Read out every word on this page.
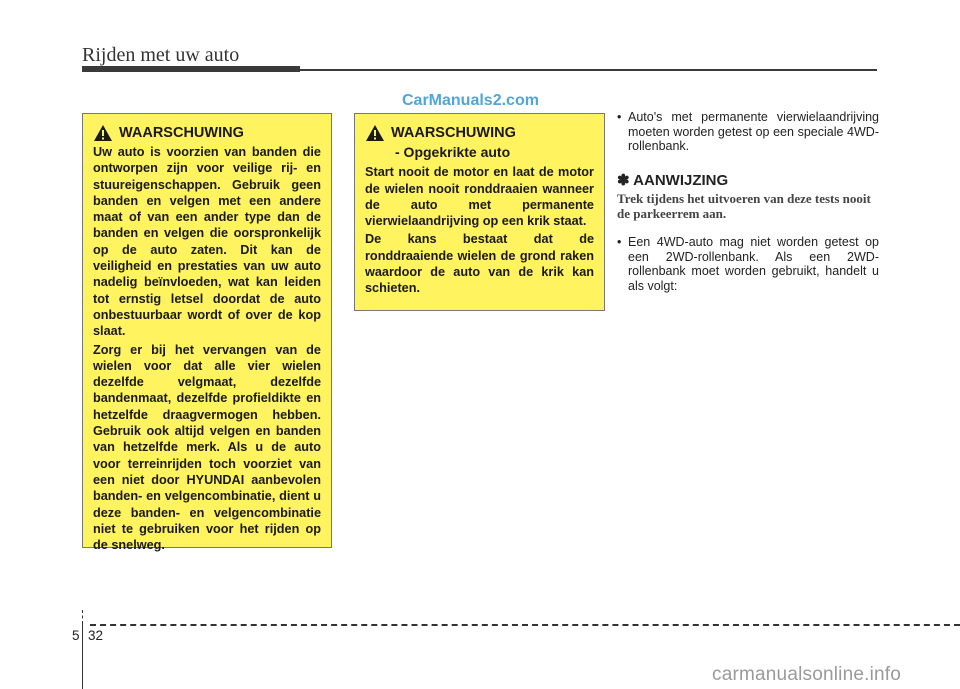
Rijden met uw auto
CarManuals2.com
WAARSCHUWING

Uw auto is voorzien van banden die ontworpen zijn voor veilige rij- en stuureigenschappen. Gebruik geen banden en velgen met een andere maat of van een ander type dan de banden en velgen die oorspronkelijk op de auto zaten. Dit kan de veiligheid en prestaties van uw auto nadelig beïnvloeden, wat kan leiden tot ernstig letsel doordat de auto onbestuurbaar wordt of over de kop slaat.

Zorg er bij het vervangen van de wielen voor dat alle vier wielen dezelfde velgmaat, dezelfde bandenmaat, dezelfde profieldikte en hetzelfde draagvermogen hebben. Gebruik ook altijd velgen en banden van hetzelfde merk. Als u de auto voor terreinrijden toch voorziet van een niet door HYUNDAI aanbevolen banden- en velgencombinatie, dient u deze banden- en velgencombinatie niet te gebruiken voor het rijden op de snelweg.

WAARSCHUWING
- Opgekrikte auto

Start nooit de motor en laat de motor de wielen nooit ronddraaien wanneer de auto met permanente vierwielaandrijving op een krik staat.

De kans bestaat dat de ronddraaiende wielen de grond raken waardoor de auto van de krik kan schieten.

• Auto's met permanente vierwielaandrijving moeten worden getest op een speciale 4WD-rollenbank.
✽ AANWIJZING
Trek tijdens het uitvoeren van deze tests nooit de parkeerrem aan.
• Een 4WD-auto mag niet worden getest op een 2WD-rollenbank. Als een 2WD-rollenbank moet worden gebruikt, handelt u als volgt:
5 32
carmanualsonline.info
